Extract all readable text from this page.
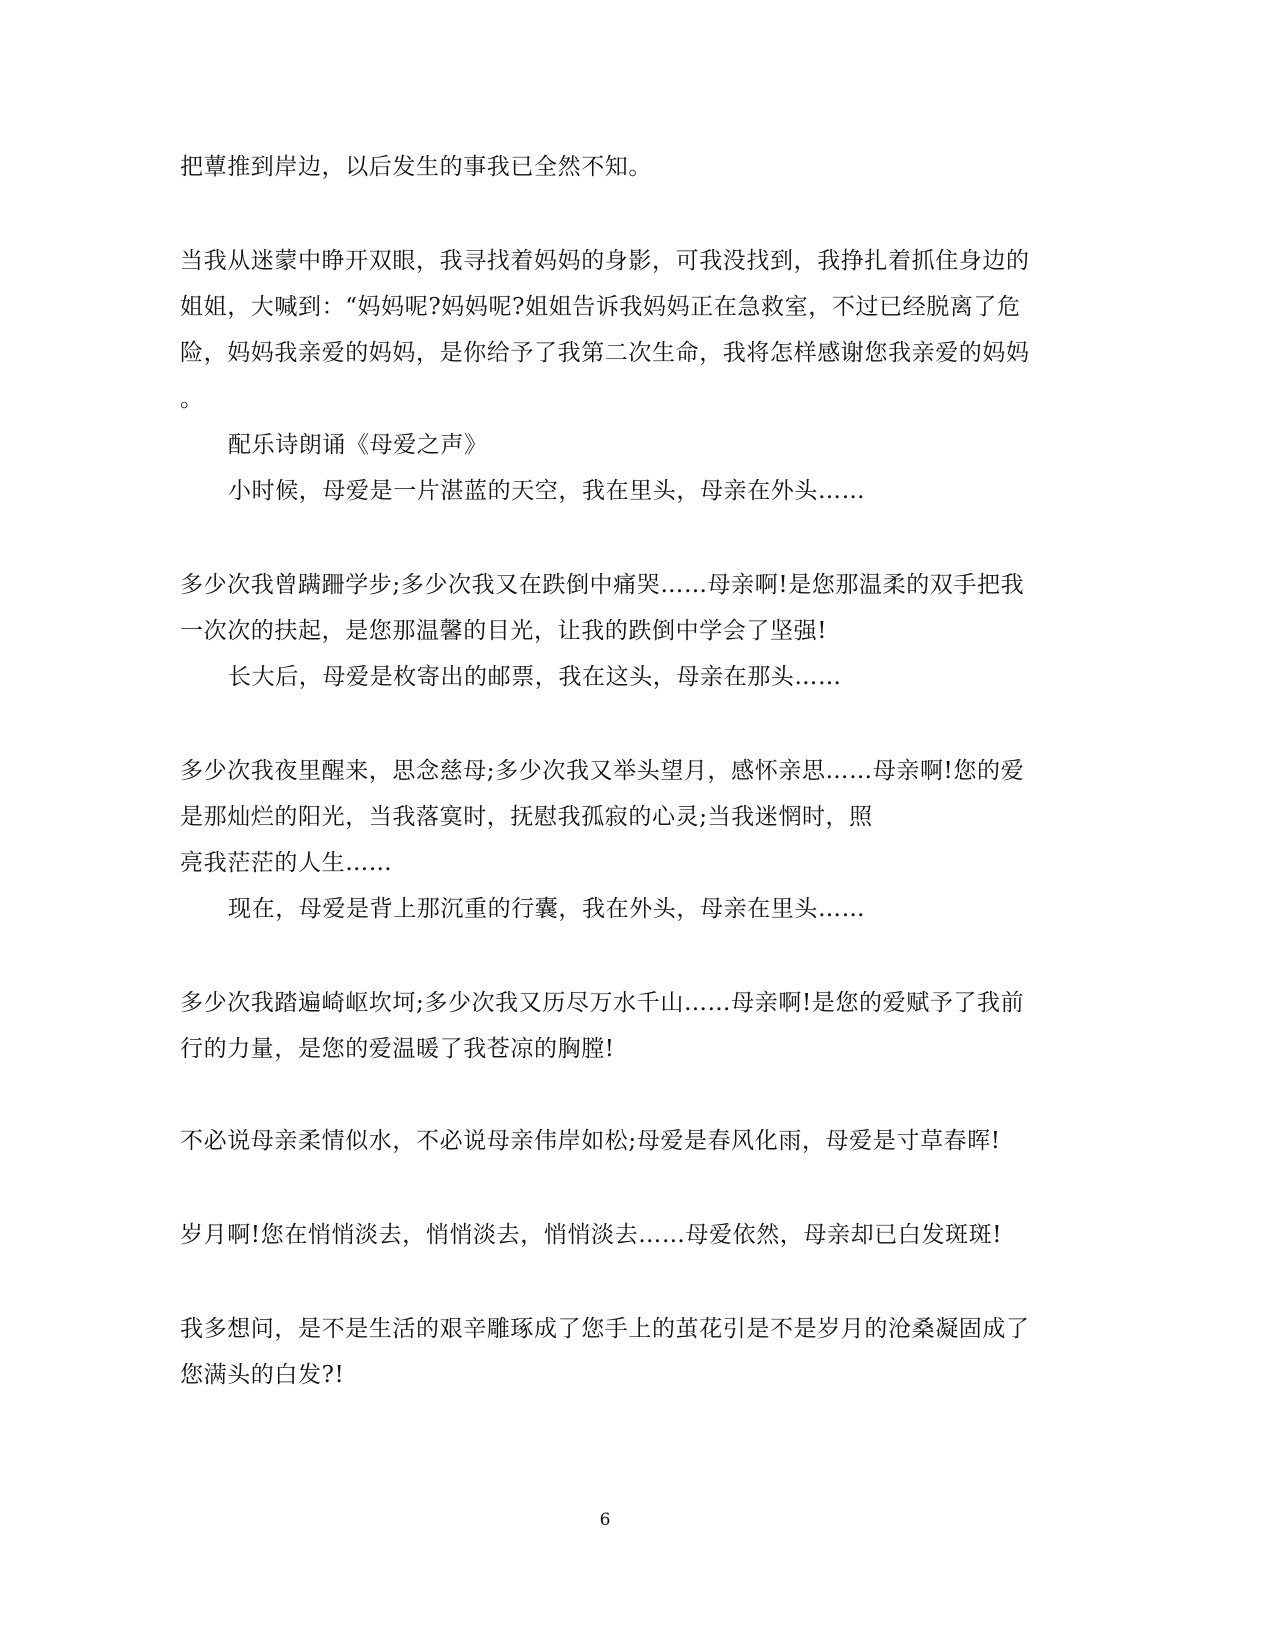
把蕈推到岸边，以后发生的事我已全然不知。
当我从迷蒙中睁开双眼，我寻找着妈妈的身影，可我没找到，我挣扎着抓住身边的
姐姐，大喊到：“妈妈呢?妈妈呢?姐姐告诉我妈妈正在急救室，不过已经脱离了危
险，妈妈我亲爱的妈妈，是你给予了我第二次生命，我将怎样感谢您我亲爱的妈妈
。
配乐诗朗诵《母爱之声》
小时候，母爱是一片湛蓝的天空，我在里头，母亲在外头……
多少次我曾蹒跚学步;多少次我又在跌倒中痛哭……母亲啊!是您那温柔的双手把我
一次次的扶起，是您那温馨的目光，让我的跌倒中学会了坚强!
长大后，母爱是枚寄出的邮票，我在这头，母亲在那头……
多少次我夜里醒来，思念慈母;多少次我又举头望月，感怀亲思……母亲啊!您的爱
是那灿烂的阳光，当我落寞时，抚慰我孤寂的心灵;当我迷惘时，照
亮我茫茫的人生……
现在，母爱是背上那沉重的行囊，我在外头，母亲在里头……
多少次我踏遍崎岖坎坷;多少次我又历尽万水千山……母亲啊!是您的爱赋予了我前
行的力量，是您的爱温暖了我苍凉的胸膛!
不必说母亲柔情似水，不必说母亲伟岸如松;母爱是春风化雨，母爱是寸草春晖!
岁月啊!您在悄悄淡去，悄悄淡去，悄悄淡去……母爱依然，母亲却已白发斑斑!
我多想问，是不是生活的艰辛雕琢成了您手上的茧花引是不是岁月的沧桑凝固成了
您满头的白发?!
6
